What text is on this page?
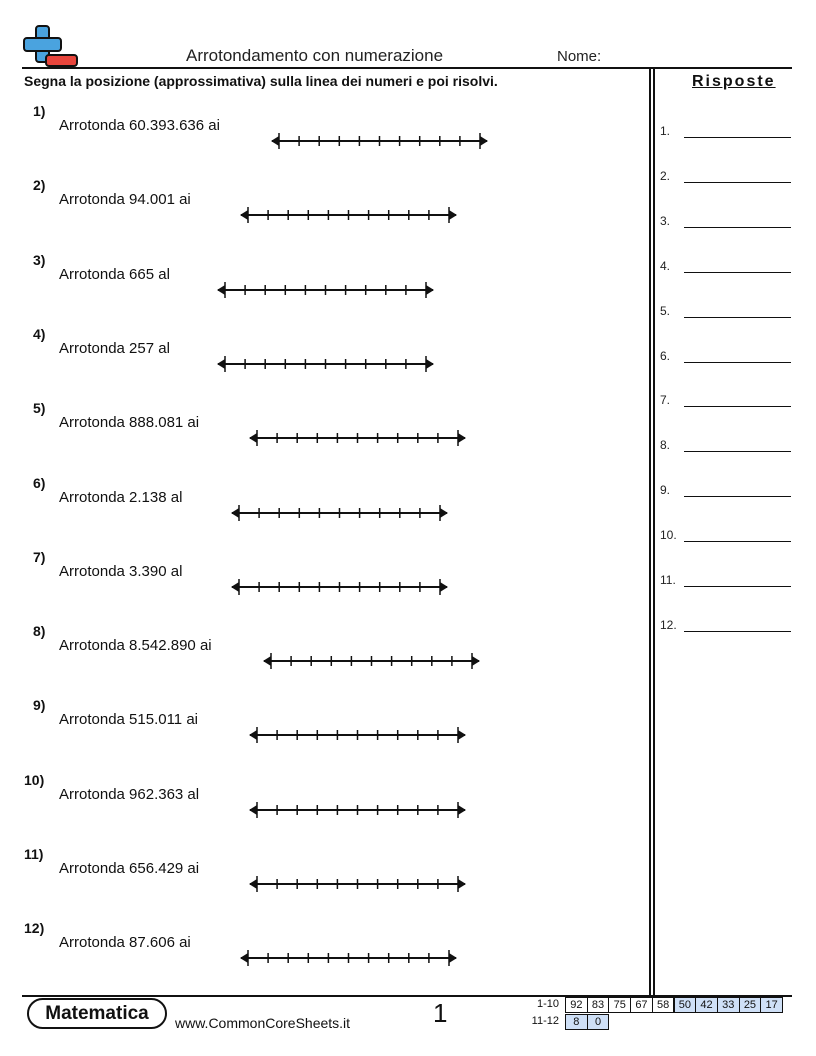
Arrotondamento con numerazione	Nome:
Segna la posizione (approssimativa) sulla linea dei numeri e poi risolvi.	Risposte
1)
Arrotonda 60.393.636 ai
2)
Arrotonda 94.001 ai
3)
Arrotonda 665 al
4)
Arrotonda 257 al
5)
Arrotonda 888.081 ai
6)
Arrotonda 2.138 al
7)
Arrotonda 3.390 al
8)
Arrotonda 8.542.890 ai
9)
Arrotonda 515.011 ai
10)
Arrotonda 962.363 al
11)
Arrotonda 656.429 ai
12)
Arrotonda 87.606 ai
1.
2.
3.
4.
5.
6.
7.
8.
9.
10.
11.
12.
Matematica	www.CommonCoreSheets.it	1	1-10
11-12
92 83 75 67 58 50 42 33 25 17
8	0
